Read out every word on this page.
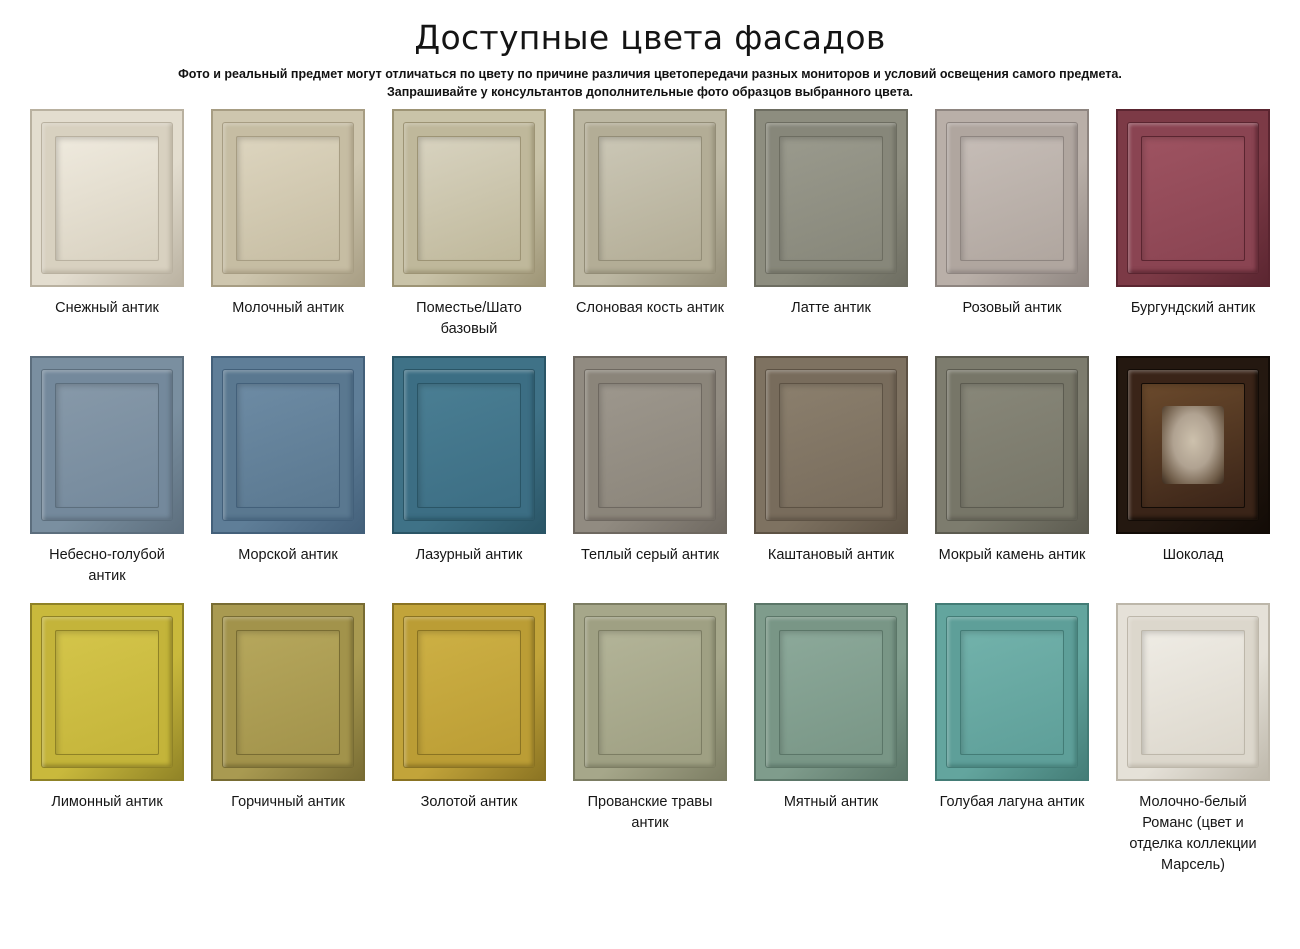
Доступные цвета фасадов
Фото и реальный предмет могут отличаться по цвету по причине различия цветопередачи разных мониторов и условий освещения самого предмета.
Запрашивайте у консультантов дополнительные фото образцов выбранного цвета.
Снежный антик	Молочный антик	Поместье/Шато базовый
Слоновая кость антик	Латте антик	Розовый антик	Бургундский антик
Небесно-голубой антик
Морской антик	Лазурный антик	Теплый серый антик	Каштановый антик	Мокрый камень антик	Шоколад
Лимонный антик	Горчичный антик	Золотой антик	Прованские травы антик
Мятный антик	Голубая лагуна антик	Молочно-белый Романс (цвет и отделка коллекции Марсель)
